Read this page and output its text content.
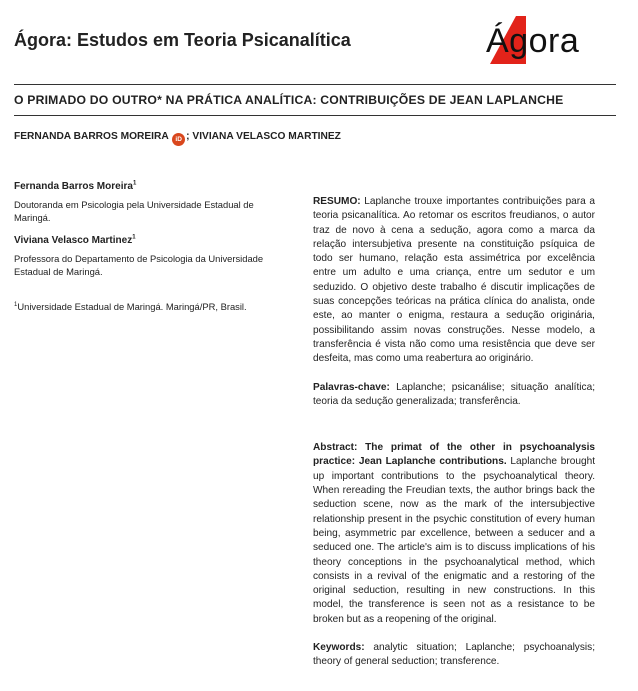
Ágora: Estudos em Teoria Psicanalítica	Ágora
O PRIMADO DO OUTRO* NA PRÁTICA ANALÍTICA: CONTRIBUIÇÕES DE JEAN LAPLANCHE
FERNANDA BARROS MOREIRA iD ; VIVIANA VELASCO MARTINEZ
Fernanda Barros Moreira$^1$
Doutoranda em Psicologia pela Universidade Estadual de Maringá.
Viviana Velasco Martinez$^1$
Professora do Departamento de Psicologia da Universidade Estadual de Maringá.
$^1$Universidade Estadual de Maringá. Maringá/PR, Brasil.

RESUMO: Laplanche trouxe importantes contribuições para a teoria psicanalítica. Ao retomar os escritos freudianos, o autor traz de novo à cena a sedução, agora como a marca da relação intersubjetiva presente na constituição psíquica de todo ser humano, relação esta assimétrica por excelência entre um adulto e uma criança, entre um sedutor e um seduzido. O objetivo deste trabalho é discutir implicações de suas concepções teóricas na prática clínica do analista, onde este, ao manter o enigma, restaura a sedução originária, possibilitando assim novas construções. Nesse modelo, a transferência é vista não como uma resistência que deve ser desfeita, mas como uma reabertura ao originário.

Palavras-chave: Laplanche; psicanálise; situação analítica; teoria da sedução generalizada; transferência.

Abstract: The primat of the other in psychoanalysis practice: Jean Laplanche contributions. Laplanche brought up important contributions to the psychoanalytical theory. When rereading the Freudian texts, the author brings back the seduction scene, now as the mark of the intersubjective relationship present in the psychic constitution of every human being, asymmetric par excellence, between a seducer and a seduced one. The article's aim is to discuss implications of his theory conceptions in the psychoanalytical method, which consists in a revival of the enigmatic and a restoring of the original seduction, resulting in new constructions. In this model, the transference is seen not as a resistance to be broken but as a reopening of the original.

Keywords: analytic situation; Laplanche; psychoanalysis; theory of general seduction; transference.
